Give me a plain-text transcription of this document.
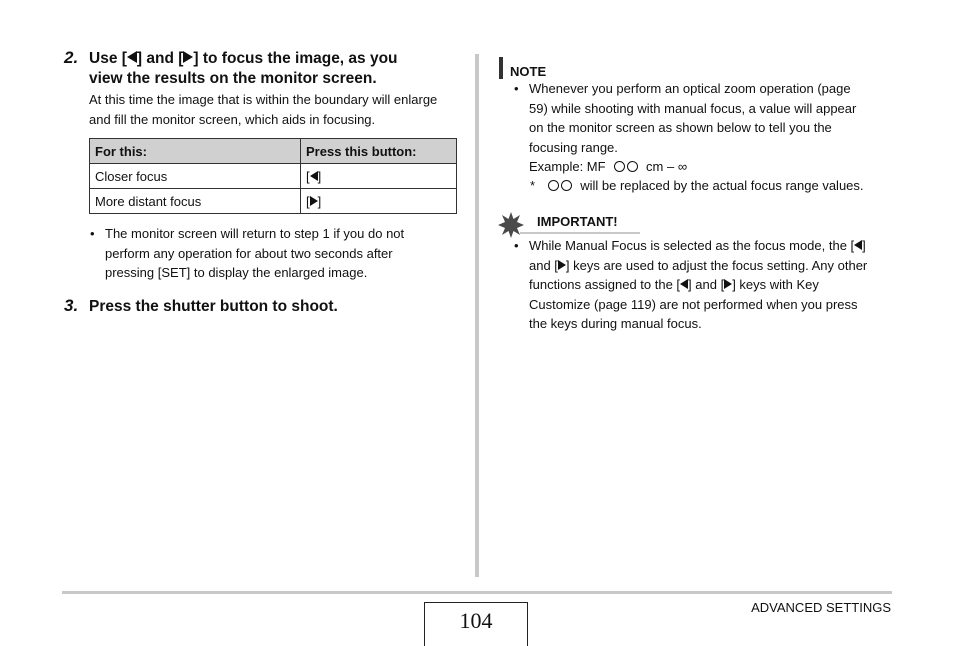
2. Use [ ] and [ ] to focus the image, as you
view the results on the monitor screen.
At this time the image that is within the boundary will enlarge
and fill the monitor screen, which aids in focusing.
For this:	Press this button:
Closer focus	[ ]
More distant focus	[ ]
• The monitor screen will return to step 1 if you do not
perform any operation for about two seconds after
pressing [SET] to display the enlarged image.
3. Press the shutter button to shoot.
NOTE
• Whenever you perform an optical zoom operation (page
59) while shooting with manual focus, a value will appear
on the monitor screen as shown below to tell you the
focusing range.
Example: MF	cm – ∞
*	will be replaced by the actual focus range values.
IMPORTANT!
• While Manual Focus is selected as the focus mode, the [ ]
and [ ] keys are used to adjust the focus setting. Any other
functions assigned to the [ ] and [ ] keys with Key
Customize (page 119) are not performed when you press
the keys during manual focus.
104
ADVANCED SETTINGS
